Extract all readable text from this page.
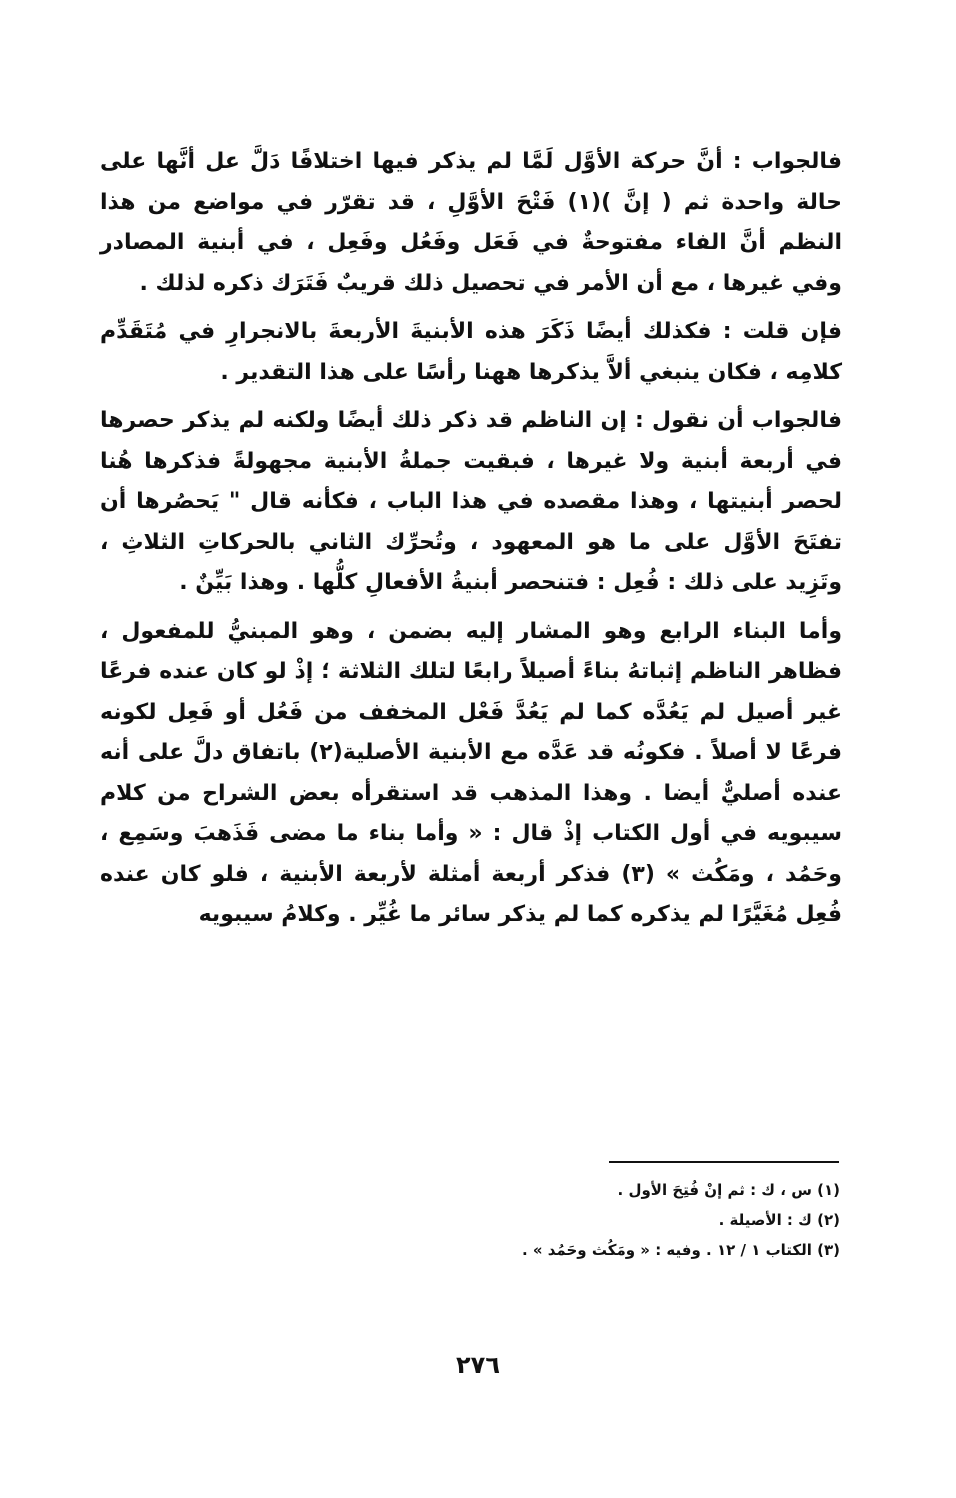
فالجواب : أنَّ حركة الأوَّل لَمَّا لم يذكر فيها اختلافًا دَلَّ عل أنَّها على حالة واحدة ثم ( إنَّ )(١) فَتْحَ الأوَّلِ ، قد تقرّر في مواضع من هذا النظم أنَّ الفاء مفتوحةٌ في فَعَل وفَعُل وفَعِل ، في أبنية المصادر وفي غيرها ، مع أن الأمر في تحصيل ذلك قريبٌ فَتَرَك ذكره لذلك .

فإن قلت : فكذلك أيضًا ذَكَرَ هذه الأبنيةَ الأربعةَ بالانجرارِ في مُتَقَدِّم كلامِه ، فكان ينبغي ألاَّ يذكرها ههنا رأسًا على هذا التقدير .

فالجواب أن نقول : إن الناظم قد ذكر ذلك أيضًا ولكنه لم يذكر حصرها في أربعة أبنية ولا غيرها ، فبقيت جملةُ الأبنية مجهولةً فذكرها هُنا لحصر أبنيتها ، وهذا مقصده في هذا الباب ، فكأنه قال " يَحصُرها أن تفتَحَ الأوَّل على ما هو المعهود ، وتُحرِّك الثاني بالحركاتِ الثلاثِ ، وتَزِيد على ذلك : فُعِل : فتنحصر أبنيةُ الأفعالِ كلُّها . وهذا بَيِّنٌ .

وأما البناء الرابع وهو المشار إليه بضمن ، وهو المبنيُّ للمفعول ، فظاهر الناظم إثباتهُ بناءً أصيلاً رابعًا لتلك الثلاثة ؛ إذْ لو كان عنده فرعًا غير أصيل لم يَعُدَّه كما لم يَعُدَّ فَعْل المخفف من فَعُل أو فَعِل لكونه فرعًا لا أصلاً . فكونُه قد عَدَّه مع الأبنية الأصلية(٢) باتفاق دلَّ على أنه عنده أصليٌّ أيضا . وهذا المذهب قد استقرأه بعض الشراح من كلام سيبويه في أول الكتاب إذْ قال : « وأما بناء ما مضى فَذَهبَ وسَمِع ، وحَمُد ، ومَكُث » (٣) فذكر أربعة أمثلة لأربعة الأبنية ، فلو كان عنده فُعِل مُغَيَّرًا لم يذكره كما لم يذكر سائر ما غُيِّر . وكلامُ سيبويه

(١) س ، ك : ثم إنْ فُتِحَ الأول .
(٢) ك : الأصيلة .
(٣) الكتاب ١ / ١٢ . وفيه : « ومَكُث وحَمُد » .
٢٧٦
